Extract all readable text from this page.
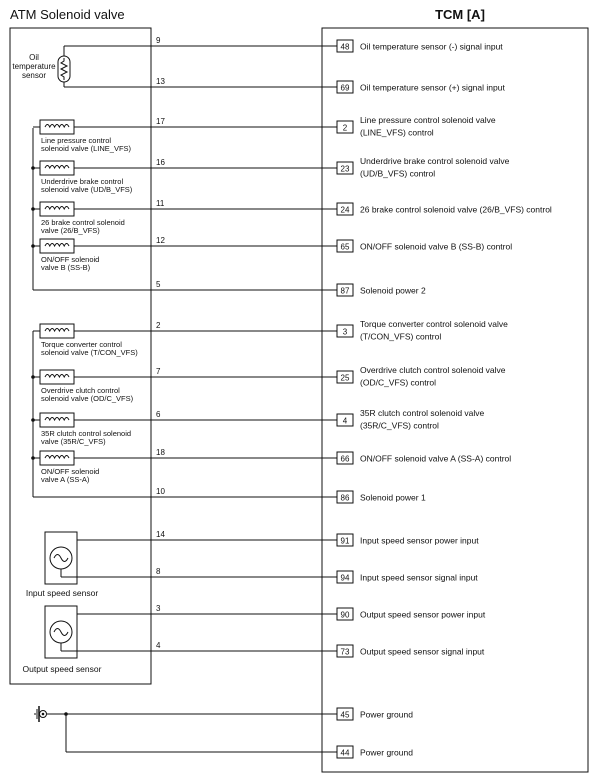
ATM Solenoid valve	TCM [A]
Oil
temperature
sensor
Line pressure control
solenoid valve (LINE_VFS)
Underdrive brake control
solenoid valve (UD/B_VFS)
26 brake control solenoid
valve (26/B_VFS)
ON/OFF solenoid
valve B (SS-B)
Torque converter control
solenoid valve (T/CON_VFS)
Overdrive clutch control
solenoid valve (OD/C_VFS)
35R clutch control solenoid
valve (35R/C_VFS)
ON/OFF solenoid
valve A (SS-A)
9
48 Oil temperature sensor (-) signal input
13
69 Oil temperature sensor (+) signal input
17
2
Line pressure control solenoid valve
(LINE_VFS) control
16
23
Underdrive brake control solenoid valve
(UD/B_VFS) control
11
24 26 brake control solenoid valve (26/B_VFS) control
12
65 ON/OFF solenoid valve B (SS-B) control
5
87 Solenoid power 2
2
3
Torque converter control solenoid valve
(T/CON_VFS) control
7
25
Overdrive clutch control solenoid valve
(OD/C_VFS) control
6
4
35R clutch control solenoid valve
(35R/C_VFS) control
18
66 ON/OFF solenoid valve A (SS-A) control
10
86 Solenoid power 1
14
91 Input speed sensor power input
8
94 Input speed sensor signal input
3
90 Output speed sensor power input
4
73 Output speed sensor signal input
Input speed sensor
Output speed sensor
45 Power ground
44 Power ground
